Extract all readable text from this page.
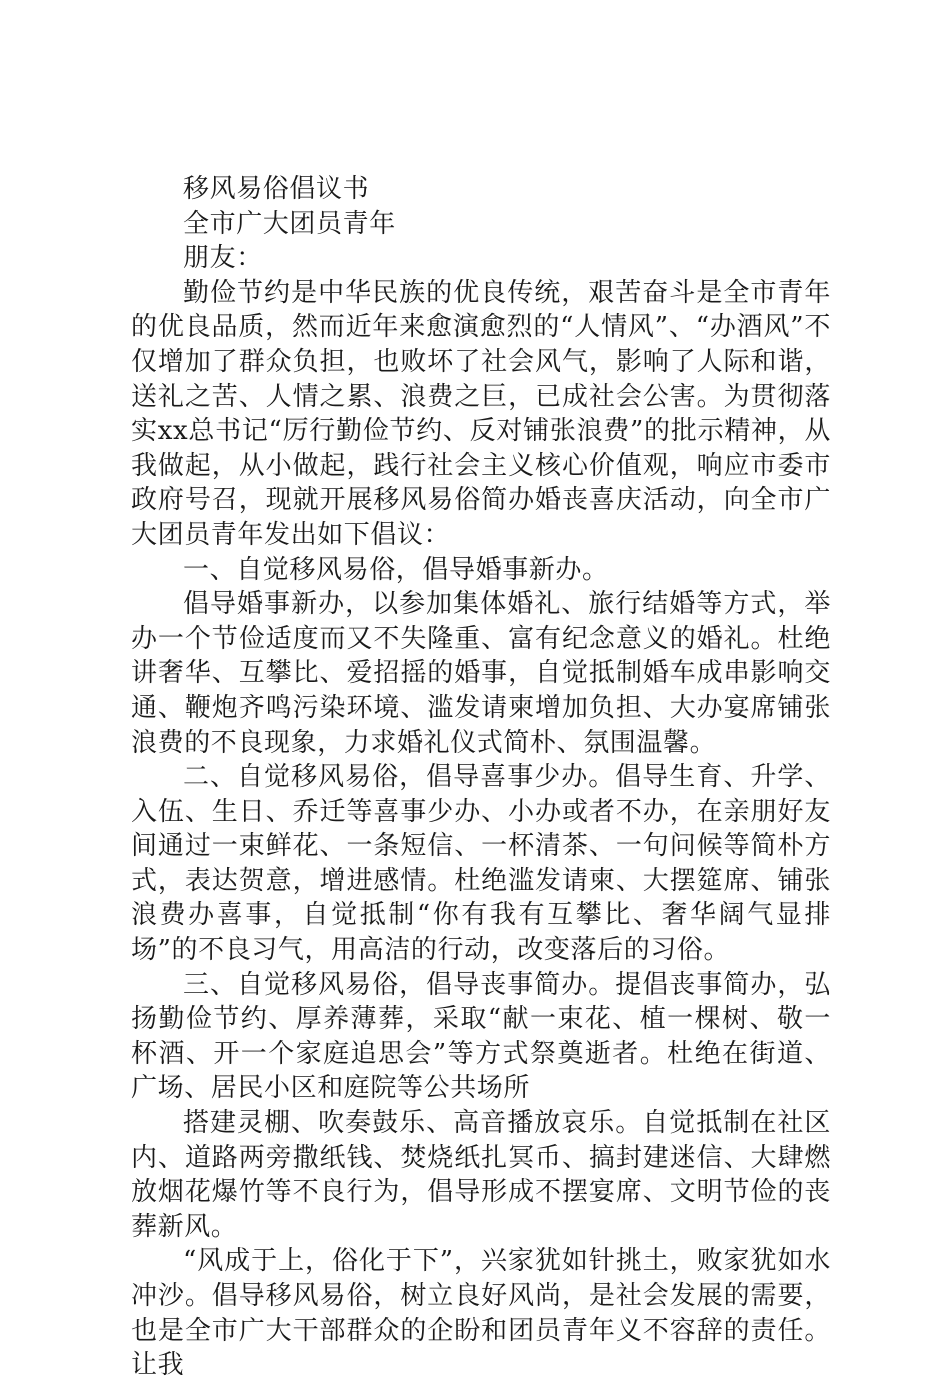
移风易俗倡议书

全市广大团员青年

朋友：

勤俭节约是中华民族的优良传统，艰苦奋斗是全市青年的优良品质，然而近年来愈演愈烈的“人情风”、“办酒风”不仅增加了群众负担，也败坏了社会风气，影响了人际和谐，送礼之苦、人情之累、浪费之巨，已成社会公害。为贯彻落实xx总书记“厉行勤俭节约、反对铺张浪费”的批示精神，从我做起，从小做起，践行社会主义核心价值观，响应市委市政府号召，现就开展移风易俗简办婚丧喜庆活动，向全市广大团员青年发出如下倡议：

一、自觉移风易俗，倡导婚事新办。

倡导婚事新办，以参加集体婚礼、旅行结婚等方式，举办一个节俭适度而又不失隆重、富有纪念意义的婚礼。杜绝讲奢华、互攀比、爱招摇的婚事，自觉抵制婚车成串影响交通、鞭炮齐鸣污染环境、滥发请柬增加负担、大办宴席铺张浪费的不良现象，力求婚礼仪式简朴、氛围温馨。

二、自觉移风易俗，倡导喜事少办。倡导生育、升学、入伍、生日、乔迁等喜事少办、小办或者不办，在亲朋好友间通过一束鲜花、一条短信、一杯清茶、一句问候等简朴方式，表达贺意，增进感情。杜绝滥发请柬、大摆筵席、铺张浪费办喜事，自觉抵制“你有我有互攀比、奢华阔气显排场”的不良习气，用高洁的行动，改变落后的习俗。

三、自觉移风易俗，倡导丧事简办。提倡丧事简办，弘扬勤俭节约、厚养薄葬，采取“献一束花、植一棵树、敬一杯酒、开一个家庭追思会”等方式祭奠逝者。杜绝在街道、广场、居民小区和庭院等公共场所

搭建灵棚、吹奏鼓乐、高音播放哀乐。自觉抵制在社区内、道路两旁撒纸钱、焚烧纸扎冥币、搞封建迷信、大肆燃放烟花爆竹等不良行为，倡导形成不摆宴席、文明节俭的丧葬新风。

“风成于上，俗化于下”，兴家犹如针挑土，败家犹如水冲沙。倡导移风易俗，树立良好风尚，是社会发展的需要，也是全市广大干部群众的企盼和团员青年义不容辞的责任。让我
